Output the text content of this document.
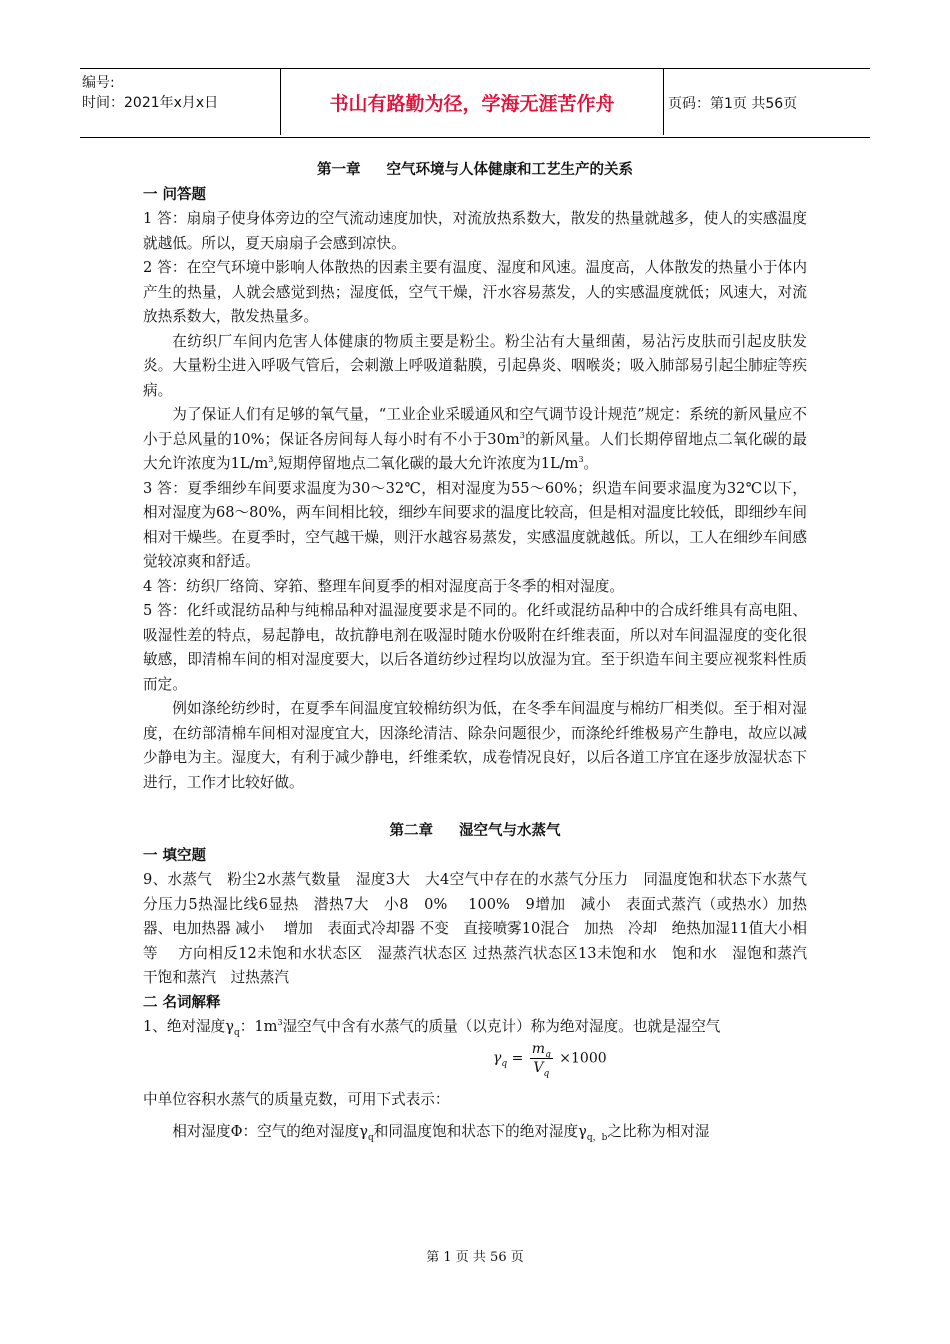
编号:
时间：2021年x月x日	书山有路勤为径，学海无涯苦作舟	页码：第1页 共56页

第一章 空气环境与人体健康和工艺生产的关系

一 问答题

1 答：扇扇子使身体旁边的空气流动速度加快，对流放热系数大，散发的热量就越多，使人的实感温度就越低。所以，夏天扇扇子会感到凉快。

2 答：在空气环境中影响人体散热的因素主要有温度、湿度和风速。温度高，人体散发的热量小于体内产生的热量，人就会感觉到热；湿度低，空气干燥，汗水容易蒸发，人的实感温度就低；风速大，对流放热系数大，散发热量多。

在纺织厂车间内危害人体健康的物质主要是粉尘。粉尘沾有大量细菌，易沾污皮肤而引起皮肤发炎。大量粉尘进入呼吸气管后，会刺激上呼吸道黏膜，引起鼻炎、咽喉炎；吸入肺部易引起尘肺症等疾病。

为了保证人们有足够的氧气量，“工业企业采暖通风和空气调节设计规范”规定：系统的新风量应不小于总风量的10%；保证各房间每人每小时有不小于$30m^3$的新风量。人们长期停留地点二氧化碳的最大允许浓度为$1L/m^3$,短期停留地点二氧化碳的最大允许浓度为$1L/m^3$。

3 答：夏季细纱车间要求温度为30～32℃，相对湿度为55～60%；织造车间要求温度为32℃以下，相对湿度为68～80%，两车间相比较，细纱车间要求的温度比较高，但是相对温度比较低，即细纱车间相对干燥些。在夏季时，空气越干燥，则汗水越容易蒸发，实感温度就越低。所以，工人在细纱车间感觉较凉爽和舒适。

4 答：纺织厂络筒、穿筘、整理车间夏季的相对湿度高于冬季的相对湿度。

5 答：化纤或混纺品种与纯棉品种对温湿度要求是不同的。化纤或混纺品种中的合成纤维具有高电阻、吸湿性差的特点，易起静电，故抗静电剂在吸湿时随水份吸附在纤维表面，所以对车间温湿度的变化很敏感，即清棉车间的相对湿度要大，以后各道纺纱过程均以放湿为宜。至于织造车间主要应视浆料性质而定。

例如涤纶纺纱时，在夏季车间温度宜较棉纺织为低，在冬季车间温度与棉纺厂相类似。至于相对湿度，在纺部清棉车间相对湿度宜大，因涤纶清洁、除杂问题很少，而涤纶纤维极易产生静电，故应以减少静电为主。湿度大，有利于减少静电，纤维柔软，成卷情况良好，以后各道工序宜在逐步放湿状态下进行，工作才比较好做。

第二章 湿空气与水蒸气

一 填空题

9、水蒸气　粉尘2水蒸气数量　湿度3大　大4空气中存在的水蒸气分压力　同温度饱和状态下水蒸气分压力5热湿比线6显热　潜热7大　小8　0%　 100%　9增加　减小　表面式蒸汽（或热水）加热器、电加热器 减小　 增加　表面式冷却器 不变　直接喷雾10混合　加热　冷却　绝热加湿11值大小相等　 方向相反12未饱和水状态区　湿蒸汽状态区 过热蒸汽状态区13未饱和水　饱和水　湿饱和蒸汽　干饱和蒸汽　过热蒸汽

二 名词解释

1、绝对湿度$\gamma_q$：$1m^3$湿空气中含有水蒸气的质量（以克计）称为绝对湿度。也就是湿空气

$\gamma_q = \frac{m_q}{V_q} \times 1000$

中单位容积水蒸气的质量克数，可用下式表示：

相对湿度Φ：空气的绝对湿度$\gamma_q$和同温度饱和状态下的绝对湿度$\gamma_{q,b}$之比称为相对湿

第 1 页 共 56 页
